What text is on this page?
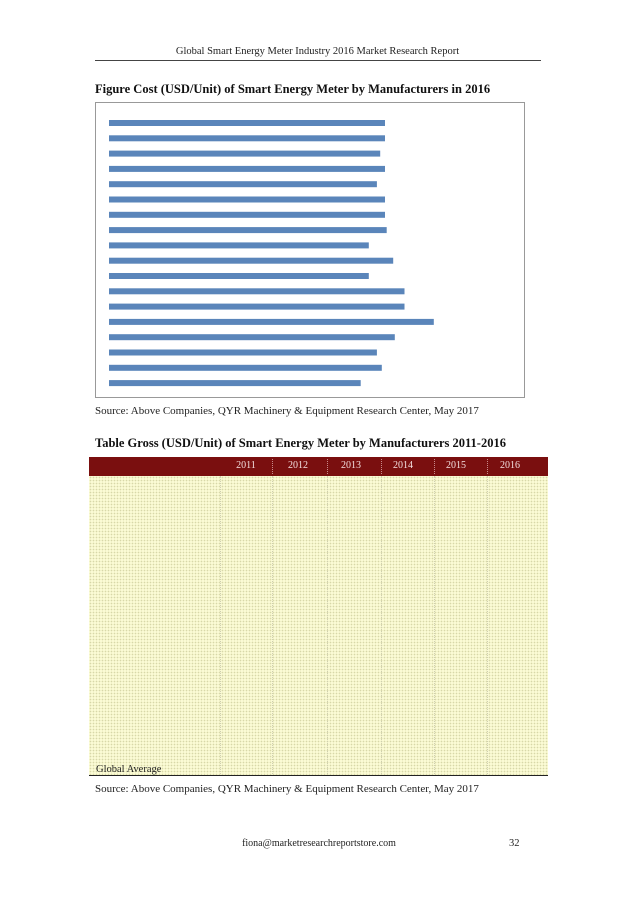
Global Smart Energy Meter Industry 2016 Market Research Report
Figure Cost (USD/Unit) of Smart Energy Meter by Manufacturers in 2016
Source: Above Companies, QYR Machinery & Equipment Research Center, May 2017
Table Gross (USD/Unit) of Smart Energy Meter by Manufacturers 2011-2016
2011	2012	2013	2014	2015	2016
Global Average
Source: Above Companies, QYR Machinery & Equipment Research Center, May 2017
fiona@marketresearchreportstore.com	32
